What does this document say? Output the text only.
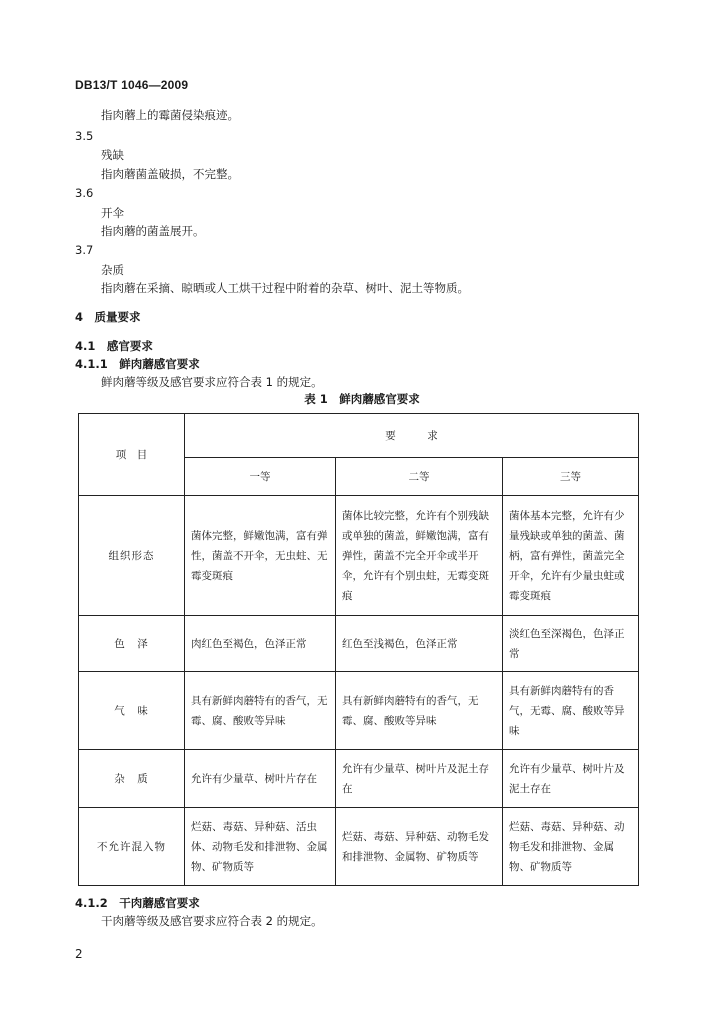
DB13/T 1046—2009
指肉蘑上的霉菌侵染痕迹。
3.5
残缺
指肉蘑菌盖破损，不完整。
3.6
开伞
指肉蘑的菌盖展开。
3.7
杂质
指肉蘑在采摘、晾晒或人工烘干过程中附着的杂草、树叶、泥土等物质。
4　质量要求
4.1　感官要求
4.1.1　鲜肉蘑感官要求
鲜肉蘑等级及感官要求应符合表 1 的规定。
表 1　鲜肉蘑感官要求
项　目	要　　　求		
	一等	二等	三等
组织形态	菌体完整，鲜嫩饱满，富有弹性，菌盖不开伞，无虫蛀、无霉变斑痕	菌体比较完整，允许有个别残缺或单独的菌盖，鲜嫩饱满，富有弹性，菌盖不完全开伞或半开伞，允许有个别虫蛀，无霉变斑痕	菌体基本完整，允许有少量残缺或单独的菌盖、菌柄，富有弹性，菌盖完全开伞，允许有少量虫蛀或霉变斑痕
色　泽	肉红色至褐色，色泽正常	红色至浅褐色，色泽正常	淡红色至深褐色，色泽正常
气　味	具有新鲜肉蘑特有的香气，无霉、腐、酸败等异味	具有新鲜肉蘑特有的香气，无霉、腐、酸败等异味	具有新鲜肉蘑特有的香气，无霉、腐、酸败等异味
杂　质	允许有少量草、树叶片存在	允许有少量草、树叶片及泥土存在	允许有少量草、树叶片及泥土存在
不允许混入物	烂菇、毒菇、异种菇、活虫体、动物毛发和排泄物、金属物、矿物质等	烂菇、毒菇、异种菇、动物毛发和排泄物、金属物、矿物质等	烂菇、毒菇、异种菇、动物毛发和排泄物、金属物、矿物质等
4.1.2　干肉蘑感官要求
干肉蘑等级及感官要求应符合表 2 的规定。
2
